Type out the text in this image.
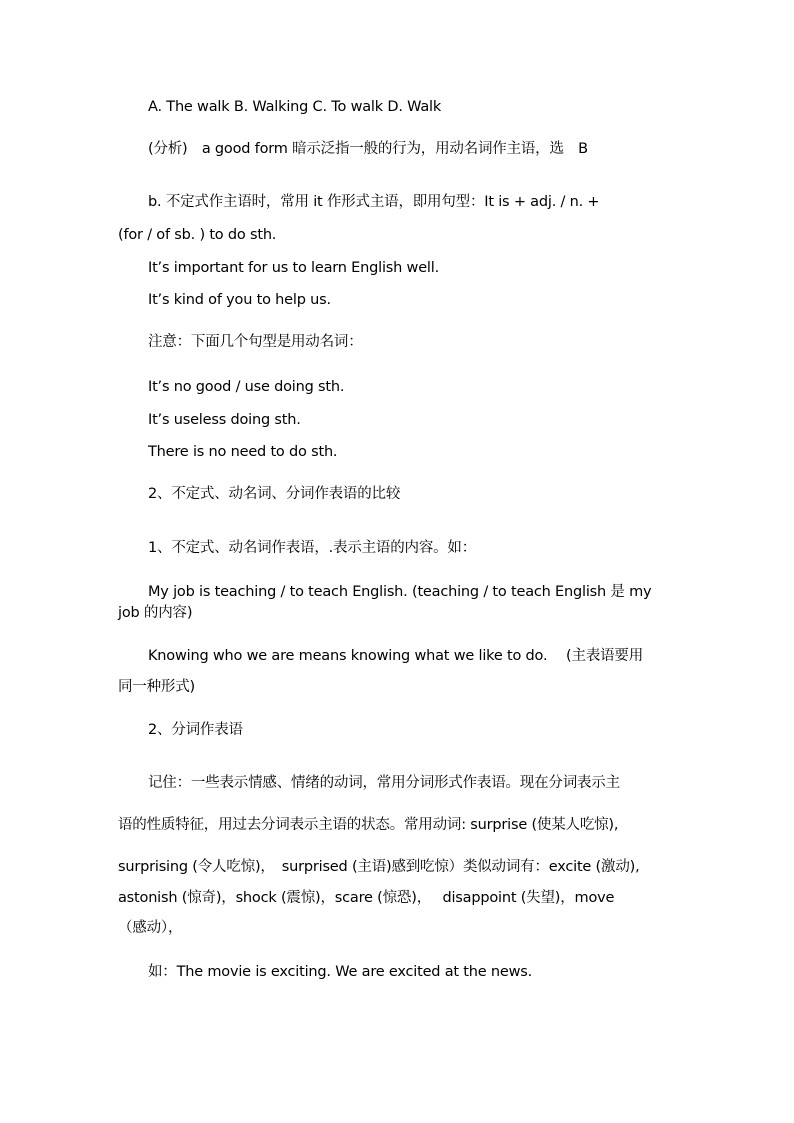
A. The walk B. Walking C. To walk D. Walk
(分析)　a good form 暗示泛指一般的行为，用动名词作主语，选　B
b. 不定式作主语时，常用 it 作形式主语，即用句型：It is + adj. / n. +
(for / of sb. ) to do sth.
It’s important for us to learn English well.
It’s kind of you to help us.
注意：下面几个句型是用动名词：
It’s no good / use doing sth.
It’s useless doing sth.
There is no need to do sth.
2、不定式、动名词、分词作表语的比较
1、不定式、动名词作表语，.表示主语的内容。如：
My job is teaching / to teach English. (teaching / to teach English 是 my
job 的内容)
Knowing who we are means knowing what we like to do.　 (主表语要用
同一种形式)
2、分词作表语
记住：一些表示情感、情绪的动词，常用分词形式作表语。现在分词表示主
语的性质特征，用过去分词表示主语的状态。常用动词: surprise (使某人吃惊),
surprising (令人吃惊)，　surprised (主语)感到吃惊）类似动词有：excite (激动),
astonish (惊奇)，shock (震惊)，scare (惊恐)，　 disappoint (失望)，move
（感动），
如：The movie is exciting. We are excited at the news.
